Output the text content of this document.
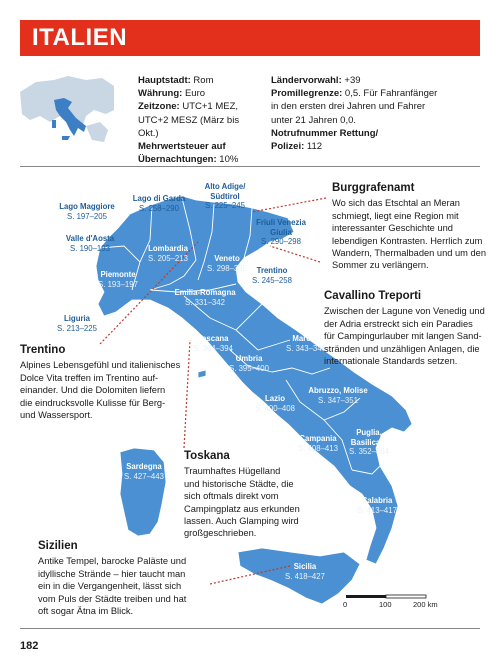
ITALIEN
Hauptstadt: Rom
Währung: Euro
Zeitzone: UTC+1 MEZ,
UTC+2 MESZ (März bis Okt.)
Mehrwertsteuer auf
Übernachtungen: 10%
Ländervorwahl: +39
Promillegrenze: 0,5. Für Fahranfänger
in den ersten drei Jahren und Fahrer
unter 21 Jahren 0,0.
Notrufnummer Rettung/
Polizei: 112
Lago Maggiore
S. 197–205
Lago di Garda
S. 258–290
Alto Adige/ Südtirol
S. 225–245
Valle d'Aosta
S. 190–193	Lombardia
S. 205–213
Friuli Venezia Giulia
S. 290–298
Veneto
S. 298–330	Trentino
S. 245–258
Piemonte
S. 193–197
Emilia-Romagna
S. 331–342
Liguria
S. 213–225
Toscana
S. 364–394
Marche
S. 343–346
Umbria
S. 395–400
Abruzzo, Molise
S. 347–351
Lazio
S. 400–408
Campania
S. 408–413
Puglia, Basilicata
S. 352–364
Sardegna
S. 427–443
Calabria
S. 413–417
Sicilia
S. 418–427
Burggrafenamt
Wo sich das Etschtal an Meran
schmiegt, liegt eine Region mit
interessanter Geschichte und
lebendigen Kontrasten. Herrlich zum
Wandern, Thermalbaden und um den
Sommer zu verlängern.
Cavallino Treporti
Zwischen der Lagune von Venedig und
der Adria erstreckt sich ein Paradies
für Campingurlauber mit langen Sand-
stränden und unzähligen Anlagen, die
internationale Standards setzen.
Trentino
Alpines Lebensgefühl und italienisches
Dolce Vita treffen im Trentino auf-
einander. Und die Dolomiten liefern
die eindrucksvolle Kulisse für Berg-
und Wassersport.
Toskana
Traumhaftes Hügelland
und historische Städte, die
sich oftmals direkt vom
Campingplatz aus erkunden
lassen. Auch Glamping wird
großgeschrieben.
Sizilien
Antike Tempel, barocke Paläste und
idyllische Strände – hier taucht man
ein in die Vergangenheit, lässt sich
vom Puls der Städte treiben und hat
oft sogar Ätna im Blick.
0	100	200 km
182
